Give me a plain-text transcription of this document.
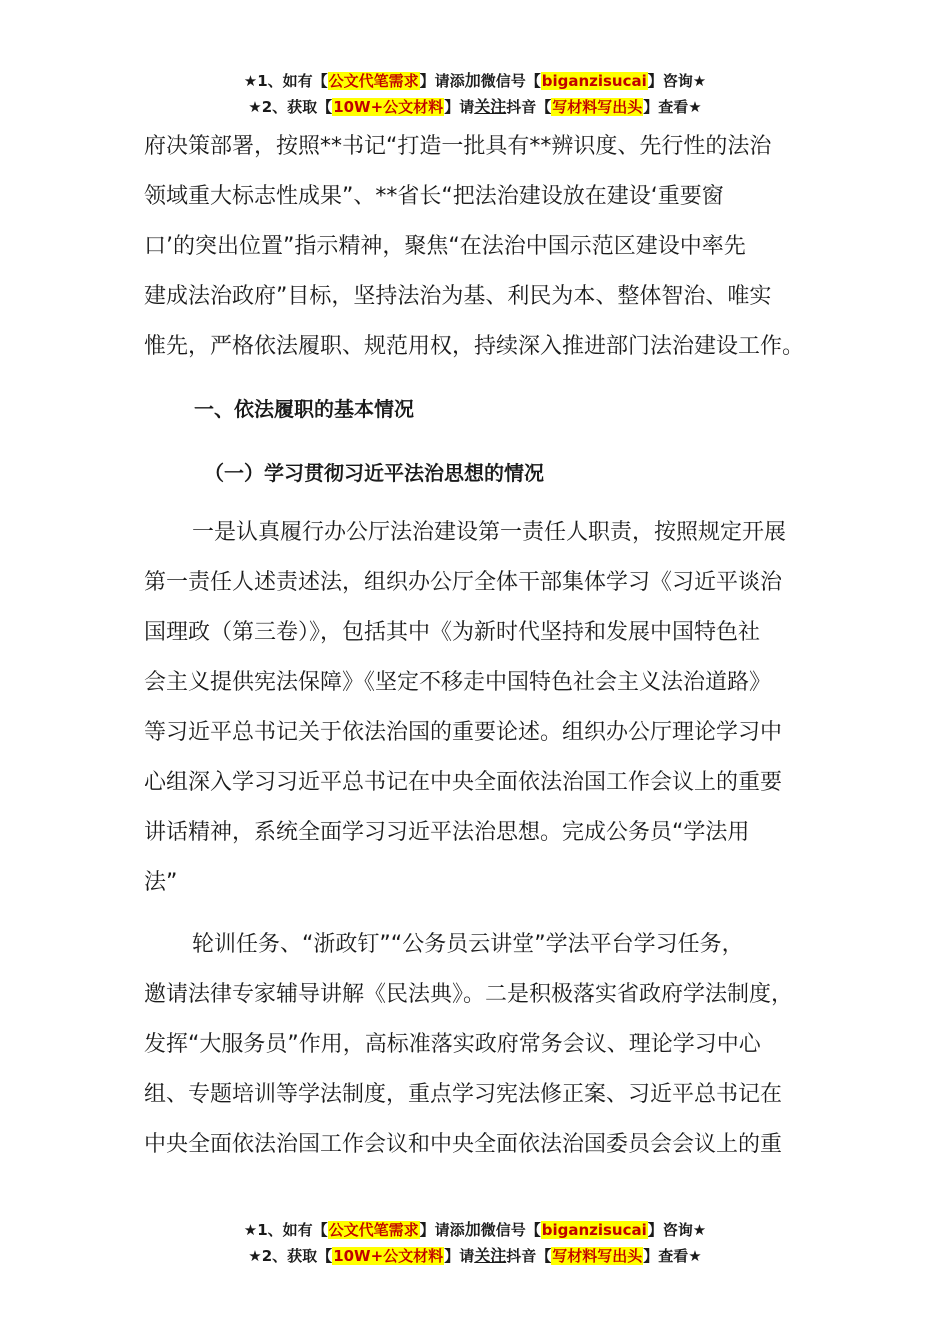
★1、如有【公文代笔需求】请添加微信号【biganzisucai】咨询★
★2、获取【10W+公文材料】请关注抖音【写材料写出头】查看★

府决策部署，按照**书记“打造一批具有**辨识度、先行性的法治

领域重大标志性成果”、**省长“把法治建设放在建设‘重要窗

口’的突出位置”指示精神，聚焦“在法治中国示范区建设中率先

建成法治政府”目标，坚持法治为基、利民为本、整体智治、唯实

惟先，严格依法履职、规范用权，持续深入推进部门法治建设工作。

一、依法履职的基本情况
（一）学习贯彻习近平法治思想的情况

一是认真履行办公厅法治建设第一责任人职责，按照规定开展

第一责任人述责述法，组织办公厅全体干部集体学习《习近平谈治

国理政（第三卷）》，包括其中《为新时代坚持和发展中国特色社

会主义提供宪法保障》《坚定不移走中国特色社会主义法治道路》

等习近平总书记关于依法治国的重要论述。组织办公厅理论学习中

心组深入学习习近平总书记在中央全面依法治国工作会议上的重要

讲话精神，系统全面学习习近平法治思想。完成公务员“学法用

法”

轮训任务、“浙政钉”“公务员云讲堂”学法平台学习任务，

邀请法律专家辅导讲解《民法典》。二是积极落实省政府学法制度，

发挥“大服务员”作用，高标准落实政府常务会议、理论学习中心

组、专题培训等学法制度，重点学习宪法修正案、习近平总书记在

中央全面依法治国工作会议和中央全面依法治国委员会会议上的重

★1、如有【公文代笔需求】请添加微信号【biganzisucai】咨询★
★2、获取【10W+公文材料】请关注抖音【写材料写出头】查看★
